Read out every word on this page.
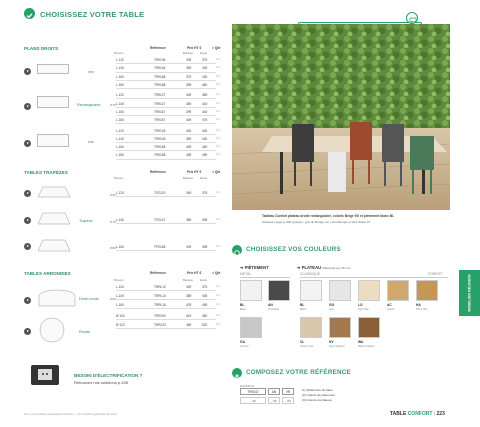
CHOISISSEZ VOTRE TABLE
PLANS DROITS
Dimens
Référence	Prix HT €	> Qté
Basique Ecole
L.120	TR9136	339	379	1.b
L.140	TR9146	359	400	1.b
L.160	TR9168	379	430	1.b
L.180	TR9188	399	460	1.b
L.120	TR9127	349	389	1.b
L.140	TR9147	369	415	1.b
L.160	TR9167	399	440	1.b
L.180	TR9187	409	475	1.b
L.120	TR9128	345	400	1.b
L.140	TR9148	369	430	1.b
L.160	TR9168	409	460	1.b
L.180	TR9188	495	490	1.b
P.80
Rectangulaire	P.70
P.80
TABLES TRAPÈZES
Dimens
Référence	Prix HT €	> Qté
Basique Ecole
P.60
Trapèze	P.70
P.80
L.120	TPZ120	349	375	1.b
L.140	TPZ147	389	405	1.b
L.160	TPZ168	429	495	2.b
TABLES ARRONDIES
Dimens
Référence	Prix HT €	> Qté
Basique Ecole
Demi-ronde	P.60
Ronde
L.120	TRRL12	349	375	1.b
L.140	TRRL14	389	405	1.b
L.160	TRRL16	429	465	1.b
Ø 100	TRR100	419	460	1.b
Ø 120	TRR120	469	520	1.b
BESOIN D'ÉLECTRIFICATION ?
Retrouvez nos solutions p.198
Prix et compositions susceptibles d'évoluer — voir conditions générales de vente
Tableau Confort plateau droite rectangulaire, coloris Beige 9G et piètement blanc BL
Chaises Leggo p.300 (polypro, gris de Bouge etc.) Gris Bouge et Vert Sable 07
CHOISISSEZ VOS COULEURS
➔ PIÈTEMENT	➔ PLATEAU Mélaminé ép. 25 mm
METAL	CLASSIQUE	FOREST
BL
Blanc
AN
Anthracite
BL
Blanc
GG
Gris
LO
Light Oak
AC
Acacia
HA
Hêtre Noir
GA
Gris Alu
CL
Chêne Clair
NY
Noyer Naturel
WA
Walnut Tabaco
MOBILIER RÉUNION
COMPOSEZ VOTRE RÉFÉRENCE
EXEMPLE
TR9147	AN	VR
- 40	- 03	- 03
(1) Référence de base
(2) Coloris de piètement
(3) Coloris du plateau
TABLE CONFORT | 223
